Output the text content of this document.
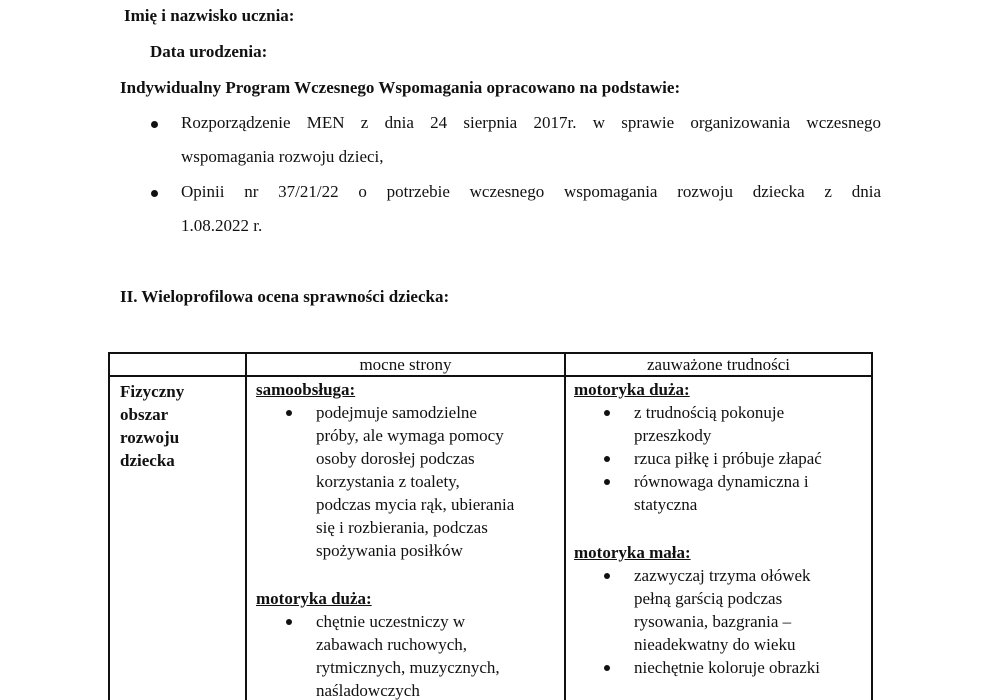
Imię i nazwisko ucznia:
Data urodzenia:
Indywidualny Program Wczesnego Wspomagania opracowano na podstawie:
Rozporządzenie MEN z dnia 24 sierpnia 2017r. w sprawie organizowania wczesnego
wspomagania rozwoju dzieci,
Opinii nr 37/21/22 o potrzebie wczesnego wspomagania rozwoju dziecka z dnia
1.08.2022 r.
II. Wieloprofilowa ocena sprawności dziecka:
mocne strony	zauważone trudności
Fizyczny
obszar
rozwoju
dziecka
samoobsługa:
podejmuje samodzielne
próby, ale wymaga pomocy
osoby dorosłej podczas
korzystania z toalety,
podczas mycia rąk, ubierania
się i rozbierania, podczas
spożywania posiłków
motoryka duża:
chętnie uczestniczy w
zabawach ruchowych,
rytmicznych, muzycznych,
naśladowczych
motoryka duża:
z trudnością pokonuje
przeszkody
rzuca piłkę i próbuje złapać
równowaga dynamiczna i
statyczna
motoryka mała:
zazwyczaj trzyma ołówek
pełną garścią podczas
rysowania, bazgrania –
nieadekwatny do wieku
niechętnie koloruje obrazki
